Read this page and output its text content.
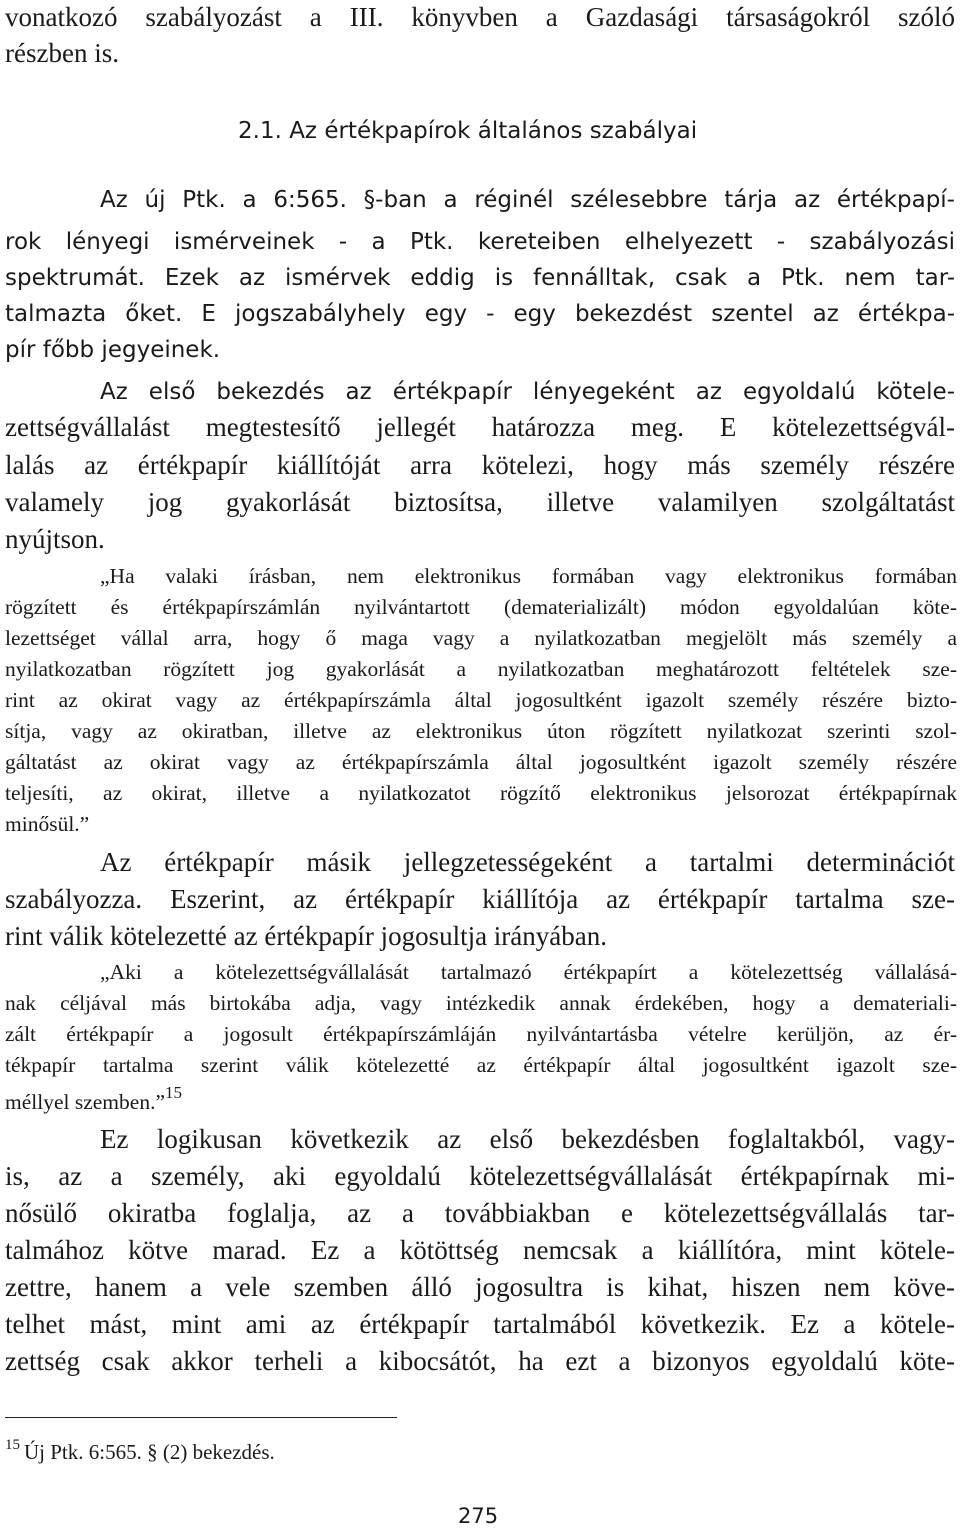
vonatkozó szabályozást a III. könyvben a Gazdasági társaságokról szóló
részben is.
2.1. Az értékpapírok általános szabályai
Az új Ptk. a 6:565. §-ban a réginél szélesebbre tárja az értékpapí-
rok lényegi ismérveinek - a Ptk. kereteiben elhelyezett - szabályozási
spektrumát. Ezek az ismérvek eddig is fennálltak, csak a Ptk. nem tar-
talmazta őket. E jogszabályhely egy - egy bekezdést szentel az értékpa-
pír főbb jegyeinek.
Az első bekezdés az értékpapír lényegeként az egyoldalú kötele-
zettségvállalást megtestesítő jellegét határozza meg. E kötelezettségvál-
lalás az értékpapír kiállítóját arra kötelezi, hogy más személy részére
valamely jog gyakorlását biztosítsa, illetve valamilyen szolgáltatást
nyújtson.
„Ha valaki írásban, nem elektronikus formában vagy elektronikus formában
rögzített és értékpapírszámlán nyilvántartott (dematerializált) módon egyoldalúan köte-
lezettséget vállal arra, hogy ő maga vagy a nyilatkozatban megjelölt más személy a
nyilatkozatban rögzített jog gyakorlását a nyilatkozatban meghatározott feltételek sze-
rint az okirat vagy az értékpapírszámla által jogosultként igazolt személy részére bizto-
sítja, vagy az okiratban, illetve az elektronikus úton rögzített nyilatkozat szerinti szol-
gáltatást az okirat vagy az értékpapírszámla által jogosultként igazolt személy részére
teljesíti, az okirat, illetve a nyilatkozatot rögzítő elektronikus jelsorozat értékpapírnak
minősül.”
Az értékpapír másik jellegzetességeként a tartalmi determinációt
szabályozza. Eszerint, az értékpapír kiállítója az értékpapír tartalma sze-
rint válik kötelezetté az értékpapír jogosultja irányában.
„Aki a kötelezettségvállalását tartalmazó értékpapírt a kötelezettség vállalásá-
nak céljával más birtokába adja, vagy intézkedik annak érdekében, hogy a demateriali-
zált értékpapír a jogosult értékpapírszámláján nyilvántartásba vételre kerüljön, az ér-
tékpapír tartalma szerint válik kötelezetté az értékpapír által jogosultként igazolt sze-
méllyel szemben.”$^{15}$
Ez logikusan következik az első bekezdésben foglaltakból, vagy-
is, az a személy, aki egyoldalú kötelezettségvállalását értékpapírnak mi-
nősülő okiratba foglalja, az a továbbiakban e kötelezettségvállalás tar-
talmához kötve marad. Ez a kötöttség nemcsak a kiállítóra, mint kötele-
zettre, hanem a vele szemben álló jogosultra is kihat, hiszen nem köve-
telhet mást, mint ami az értékpapír tartalmából következik. Ez a kötele-
zettség csak akkor terheli a kibocsátót, ha ezt a bizonyos egyoldalú köte-
$^{15}$ Új Ptk. 6:565. § (2) bekezdés.
275
